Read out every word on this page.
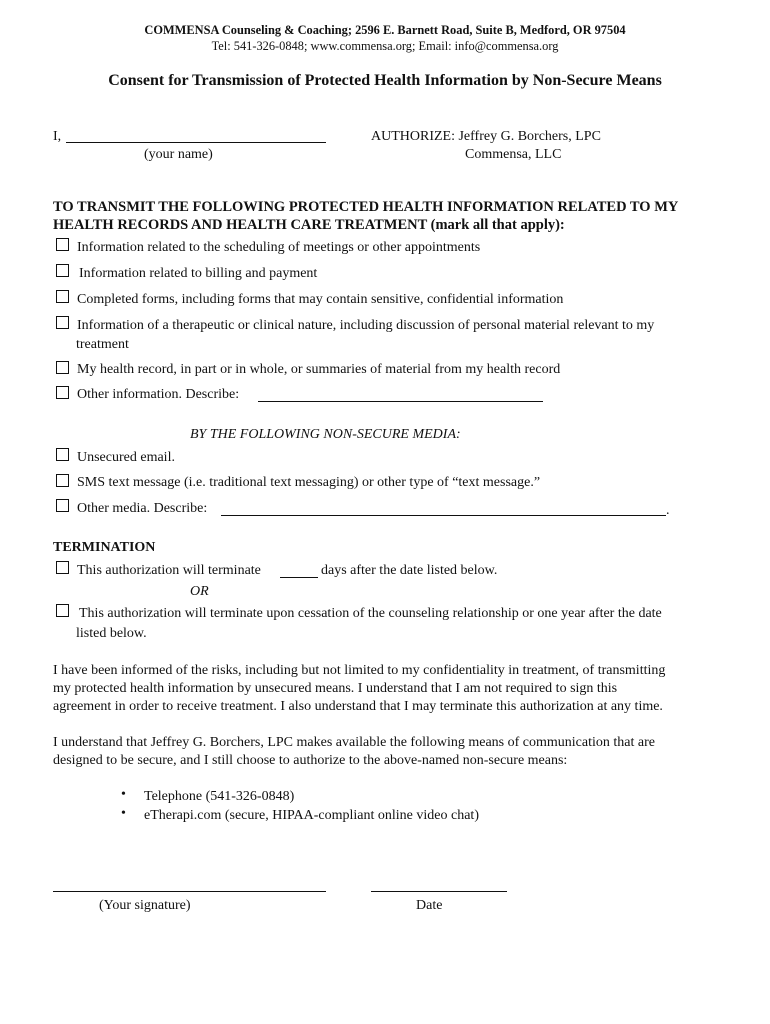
COMMENSA Counseling & Coaching; 2596 E. Barnett Road, Suite B, Medford, OR 97504
Tel: 541-326-0848; www.commensa.org; Email: info@commensa.org
Consent for Transmission of Protected Health Information by Non-Secure Means
I,
(your name)
AUTHORIZE: Jeffrey G. Borchers, LPC
Commensa, LLC
TO TRANSMIT THE FOLLOWING PROTECTED HEALTH INFORMATION RELATED TO MY
HEALTH RECORDS AND HEALTH CARE TREATMENT (mark all that apply):
Information related to the scheduling of meetings or other appointments
Information related to billing and payment
Completed forms, including forms that may contain sensitive, confidential information
Information of a therapeutic or clinical nature, including discussion of personal material relevant to my
treatment
My health record, in part or in whole, or summaries of material from my health record
Other information. Describe:
BY THE FOLLOWING NON-SECURE MEDIA:
Unsecured email.
SMS text message (i.e. traditional text messaging) or other type of “text message.”
Other media. Describe:	.
TERMINATION
This authorization will terminate	days after the date listed below.
OR
This authorization will terminate upon cessation of the counseling relationship or one year after the date
listed below.
I have been informed of the risks, including but not limited to my confidentiality in treatment, of transmitting
my protected health information by unsecured means. I understand that I am not required to sign this
agreement in order to receive treatment. I also understand that I may terminate this authorization at any time.
I understand that Jeffrey G. Borchers, LPC makes available the following means of communication that are
designed to be secure, and I still choose to authorize to the above-named non-secure means:
• Telephone (541-326-0848)
• eTherapi.com (secure, HIPAA-compliant online video chat)
(Your signature)	Date
